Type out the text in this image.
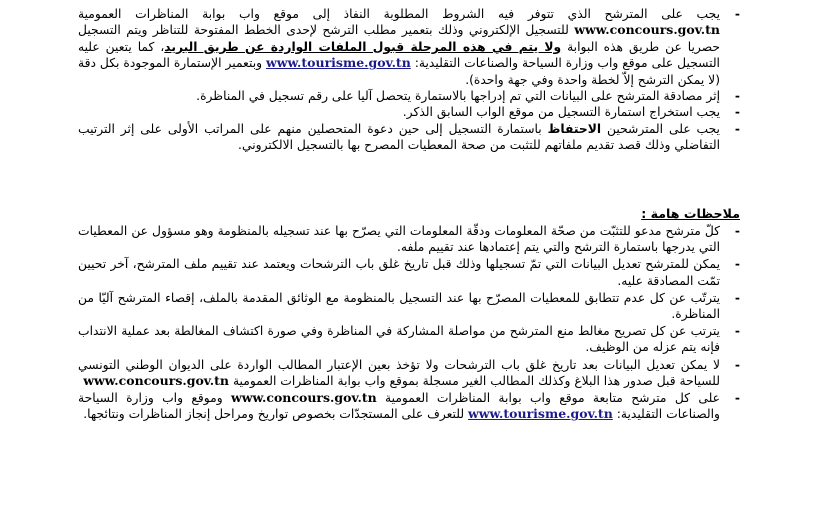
- يجب على المترشح الذي تتوفر فيه الشروط المطلوبة النفاذ إلى موقع واب بوابة المناظرات العمومية www.concours.gov.tn للتسجيل الإلكتروني وذلك بتعمير مطلب الترشح لإحدى الخطط المفتوحة للتناظر ويتم التسجيل حصريا عن طريق هذه البوابة ولا يتم في هذه المرحلة قبول الملفات الواردة عن طريق البريد، كما يتعين عليه التسجيل على موقع واب وزارة السياحة والصناعات التقليدية: www.tourisme.gov.tn وبتعمير الإستمارة الموجودة بكل دقة (لا يمكن الترشح إلاّ لخطة واحدة وفي جهة واحدة).
- إثر مصادقة المترشح على البيانات التي تم إدراجها بالاستمارة يتحصل آليا على رقم تسجيل في المناظرة.
- يجب استخراج استمارة التسجيل من موقع الواب السابق الذكر.
- يجب على المترشحين الاحتفاظ باستمارة التسجيل إلى حين دعوة المتحصلين منهم على المراتب الأولى على إثر الترتيب التفاضلي وذلك قصد تقديم ملفاتهم للتثبت من صحة المعطيات المصرح بها بالتسجيل الالكتروني.
ملاحظات هامة :
- كلّ مترشح مدعو للتثبّت من صحّة المعلومات ودقّة المعلومات التي يصرّح بها عند تسجيله بالمنظومة وهو مسؤول عن المعطيات التي يدرجها باستمارة الترشح والتي يتم إعتمادها عند تقييم ملفه.
- يمكن للمترشح تعديل البيانات التي تمّ تسجيلها وذلك قبل تاريخ غلق باب الترشحات ويعتمد عند تقييم ملف المترشح، آخر تحيين تمّت المصادقة عليه.
- يترتّب عن كل عدم تتطابق للمعطيات المصرّح بها عند التسجيل بالمنظومة مع الوثائق المقدمة بالملف، إقصاء المترشح آليّا من المناظرة.
- يترتب عن كل تصريح مغالط منع المترشح من مواصلة المشاركة في المناظرة وفي صورة اكتشاف المغالطة بعد عملية الانتداب فإنه يتم عزله من الوظيف.
- لا يمكن تعديل البيانات بعد تاريخ غلق باب الترشحات ولا تؤخذ بعين الإعتبار المطالب الواردة على الديوان الوطني التونسي للسياحة قبل صدور هذا البلاغ وكذلك المطالب الغير مسجلة بموقع واب بوابة المناظرات العمومية www.concours.gov.tn
- على كل مترشح متابعة موقع واب بوابة المناظرات العمومية www.concours.gov.tn وموقع واب وزارة السياحة والصناعات التقليدية: www.tourisme.gov.tn للتعرف على المستجدّات بخصوص تواريخ ومراحل إنجاز المناظرات ونتائجها.
